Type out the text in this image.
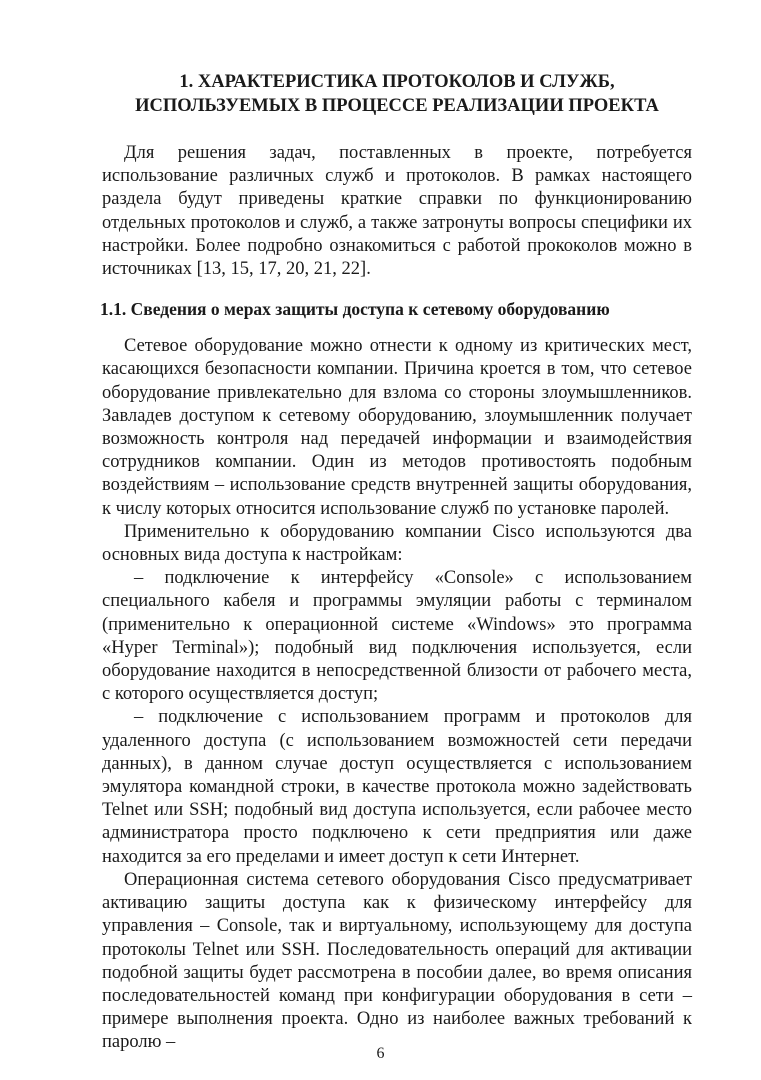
1. ХАРАКТЕРИСТИКА ПРОТОКОЛОВ И СЛУЖБ,
ИСПОЛЬЗУЕМЫХ В ПРОЦЕССЕ РЕАЛИЗАЦИИ ПРОЕКТА

Для решения задач, поставленных в проекте, потребуется использование различных служб и протоколов. В рамках настоящего раздела будут приведены краткие справки по функционированию отдельных протоколов и служб, а также затронуты вопросы специфики их настройки. Более подробно ознакомиться с работой прококолов можно в источниках [13, 15, 17, 20, 21, 22].

1.1. Сведения о мерах защиты доступа к сетевому оборудованию

Сетевое оборудование можно отнести к одному из критических мест, касающихся безопасности компании. Причина кроется в том, что сетевое оборудование привлекательно для взлома со стороны злоумышленников. Завладев доступом к сетевому оборудованию, злоумышленник получает возможность контроля над передачей информации и взаимодействия сотрудников компании. Один из методов противостоять подобным воздействиям – использование средств внутренней защиты оборудования, к числу которых относится использование служб по установке паролей.

Применительно к оборудованию компании Cisco используются два основных вида доступа к настройкам:

– подключение к интерфейсу «Console» с использованием специального кабеля и программы эмуляции работы с терминалом (применительно к операционной системе «Windows» это программа «Hyper Terminal»); подобный вид подключения используется, если оборудование находится в непосредственной близости от рабочего места, с которого осуществляется доступ;

– подключение с использованием программ и протоколов для удаленного доступа (с использованием возможностей сети передачи данных), в данном случае доступ осуществляется с использованием эмулятора командной строки, в качестве протокола можно задействовать Telnet или SSH; подобный вид доступа используется, если рабочее место администратора просто подключено к сети предприятия или даже находится за его пределами и имеет доступ к сети Интернет.

Операционная система сетевого оборудования Cisco предусматривает активацию защиты доступа как к физическому интерфейсу для управления – Console, так и виртуальному, использующему для доступа протоколы Telnet или SSH. Последовательность операций для активации подобной защиты будет рассмотрена в пособии далее, во время описания последовательностей команд при конфигурации оборудования в сети – примере выполнения проекта. Одно из наиболее важных требований к паролю –

6
